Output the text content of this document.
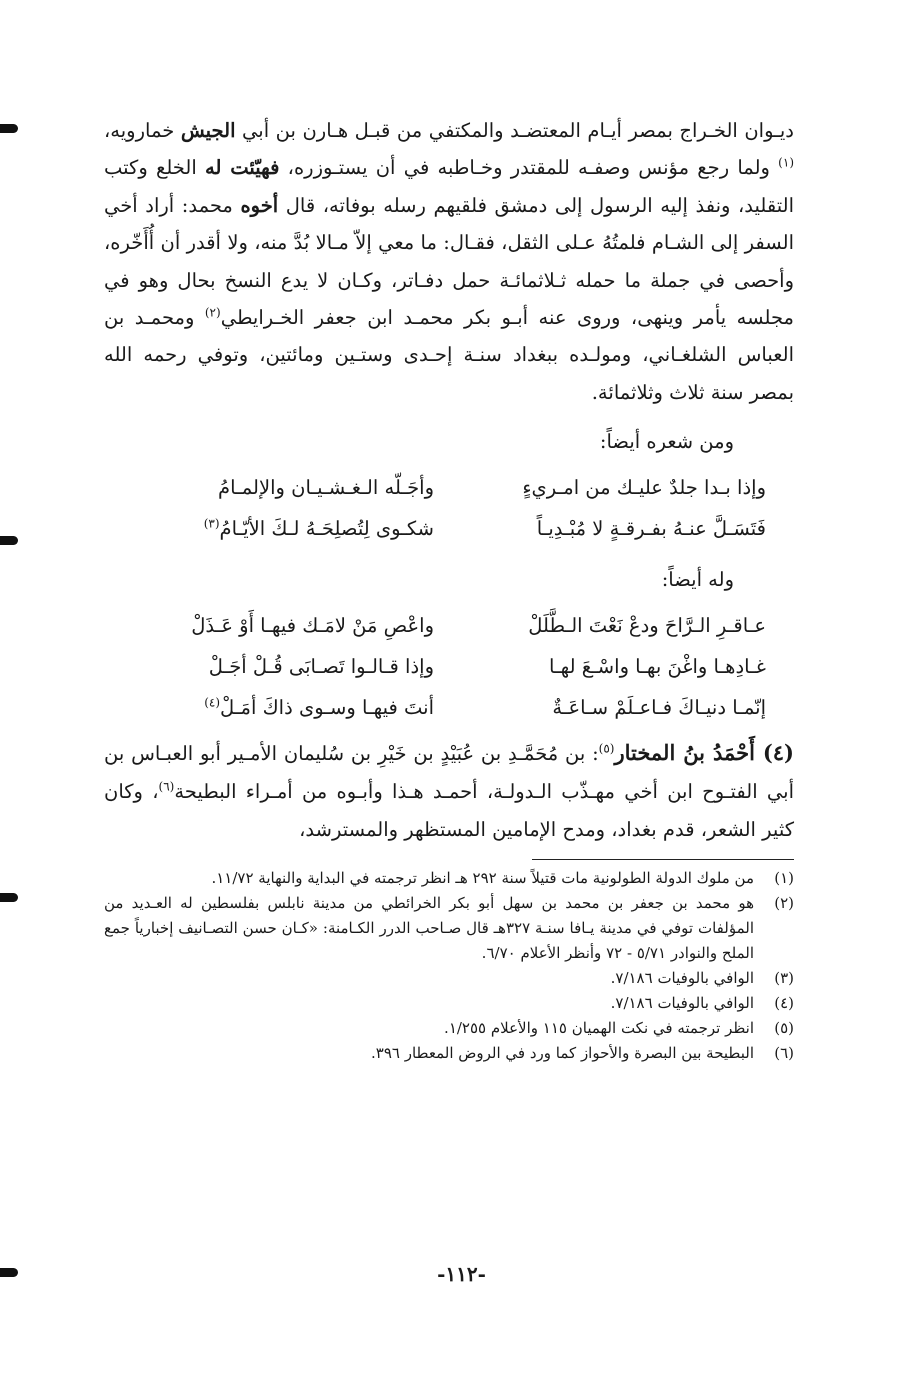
ديـوان الخـراج بمصر أيـام المعتضـد والمكتفي من قبـل هـارن بن أبي الجيش خمارويه، $^{(١)}$ ولما رجع مؤنس وصفـه للمقتدر وخـاطبه في أن يستـوزره، فهيّئت له الخلع وكتب التقليد، ونفذ إليه الرسول إلى دمشق فلقيهم رسله بوفاته، قال أخوه محمد: أراد أخي السفر إلى الشـام فلمتُهُ عـلى الثقل، فقـال: ما معي إلاّ مـالا بُدَّ منه، ولا أقدر أن أُأَخّره، وأحصى في جملة ما حمله ثـلاثمائـة حمل دفـاتر، وكـان لا يدع النسخ بحال وهو في مجلسه يأمر وينهى، وروى عنه أبـو بكر محمـد ابن جعفر الخـرايطي$^{(٢)}$ ومحمـد بن العباس الشلغـاني، ومولـده ببغداد سنـة إحـدى وستـين ومائتين، وتوفي رحمه الله بمصر سنة ثلاث وثلاثمائة.

ومن شعره أيضاً:
وإذا بـدا جلدٌ عليـك من امـريءٍ
وأجَـلّه الـغـشـيـان والإلمـامُ
فَتَسَـلَّ عنـهُ بفـرقـةٍ لا مُبْـدِيـاً
شكـوى لِتُصلِحَـهُ لـكَ الأيّـامُ$^{(٣)}$
وله أيضاً:
عـاقـرِ الـرَّاحَ ودعْ نَعْتَ الـطَّلَلْ
واعْصِ مَنْ لامَـك فيهـا أَوْ عَـذَلْ
غـادِهـا واغْنَ بهـا واسْـعَ لهـا
وإذا قـالـوا تَصـابَى قُـلْ أجَـلْ
إنّمـا دنيـاكَ فـاعـلَمْ سـاعَـةٌ
أنتَ فيهـا وسـوى ذاكَ أمَـلْ$^{(٤)}$

(٤) أَحْمَدُ بنُ المختار$^{(٥)}$: بن مُحَمَّـدِ بن عُبَيْدٍ بن خَيْرِ بن سُليمان الأمـير أبو العبـاس بن أبي الفتـوح ابن أخي مهـذّب الـدولـة، أحمـد هـذا وأبـوه من أمـراء البطيحة$^{(٦)}$، وكان كثير الشعر، قدم بغداد، ومدح الإمامين المستظهر والمسترشد،

(١)
من ملوك الدولة الطولونية مات قتيلاً سنة ٢٩٢ هـ انظر ترجمته في البداية والنهاية ١١/٧٢.
(٢)
هو محمد بن جعفر بن محمد بن سهل أبو بكر الخرائطي من مدينة نابلس بفلسطين له العـديد من المؤلفات توفي في مدينة يـافا سنـة ٣٢٧هـ قال صـاحب الدرر الكـامنة: «كـان حسن التصـانيف إخبارياً جمع الملح والنوادر ٥/٧١ - ٧٢ وأنظر الأعلام ٦/٧٠.
(٣)
الوافي بالوفيات ٧/١٨٦.
(٤)
الوافي بالوفيات ٧/١٨٦.
(٥)
انظر ترجمته في نكت الهميان ١١٥ والأعلام ١/٢٥٥.
(٦)
البطيحة بين البصرة والأحواز كما ورد في الروض المعطار ٣٩٦.
-١١٢-
